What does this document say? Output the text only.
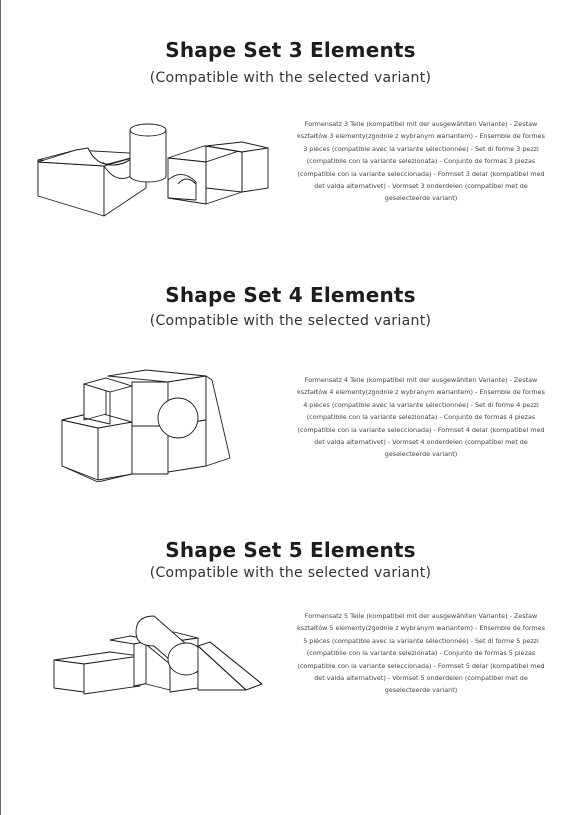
Shape Set 3 Elements
(Compatible with the selected variant)
Formensatz 3 Teile (kompatibel mit der ausgewählten Variante) - Zestaw kształtów 3 elementy(zgodnie z wybranym wariantem) - Ensemble de formes 3 pièces (compatible avec la variante sélectionnée) - Set di forme 3 pezzi (compatibile con la variante selezionata) - Conjunto de formas 3 piezas (compatible con la variante seleccionada) - Formset 3 delar (kompatibel med det valda alternativet) - Vormset 3 onderdelen (compatibel met de geselecteerde variant)
Shape Set 4 Elements
(Compatible with the selected variant)
Formensatz 4 Teile (kompatibel mit der ausgewählten Variante) - Zestaw kształtów 4 elementy(zgodnie z wybranym wariantem) - Ensemble de formes 4 pièces (compatible avec la variante sélectionnée) - Set di forme 4 pezzi (compatibile con la variante selezionata) - Conjunto de formas 4 piezas (compatible con la variante seleccionada) - Formset 4 delar (kompatibel med det valda alternativet) - Vormset 4 onderdelen (compatibel met de geselecteerde variant)
Shape Set 5 Elements
(Compatible with the selected variant)
Formensatz 5 Teile (kompatibel mit der ausgewählten Variante) - Zestaw kształtów 5 elementy(zgodnie z wybranym wariantem) - Ensemble de formes 5 pièces (compatible avec la variante sélectionnée) - Set di forme 5 pezzi (compatibile con la variante selezionata) - Conjunto de formas 5 piezas (compatible con la variante seleccionada) - Formset 5 delar (kompatibel med det valda alternativet) - Vormset 5 onderdelen (compatibel met de geselecteerde variant)
